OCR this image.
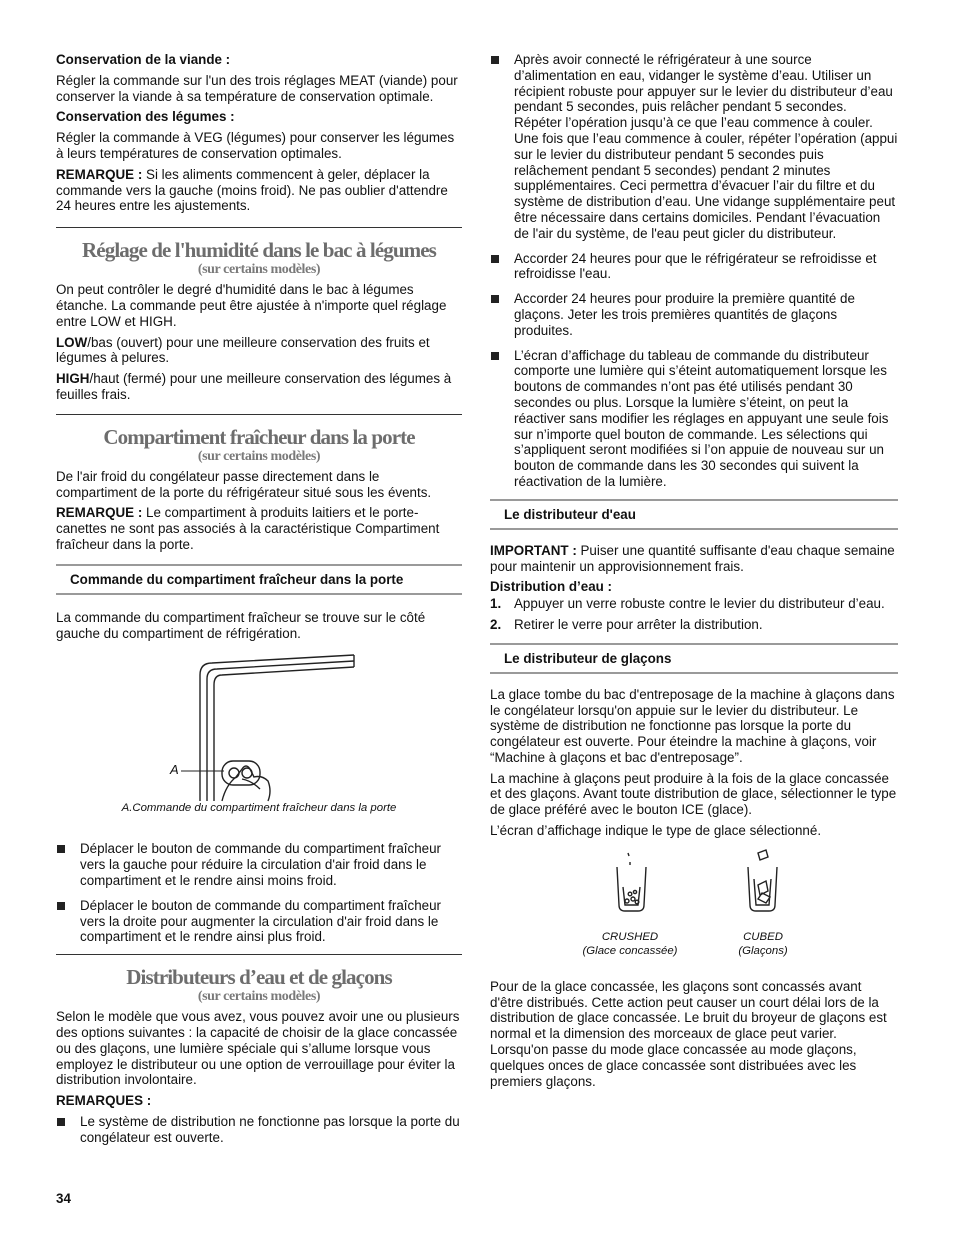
Conservation de la viande :

Régler la commande sur l'un des trois réglages MEAT (viande) pour conserver la viande à sa température de conservation optimale.

Conservation des légumes :

Régler la commande à VEG (légumes) pour conserver les légumes à leurs températures de conservation optimales.

REMARQUE : Si les aliments commencent à geler, déplacer la commande vers la gauche (moins froid). Ne pas oublier d'attendre 24 heures entre les ajustements.

Réglage de l'humidité dans le bac à légumes
(sur certains modèles)

On peut contrôler le degré d'humidité dans le bac à légumes étanche. La commande peut être ajustée à n'importe quel réglage entre LOW et HIGH.

LOW/bas (ouvert) pour une meilleure conservation des fruits et légumes à pelures.

HIGH/haut (fermé) pour une meilleure conservation des légumes à feuilles frais.

Compartiment fraîcheur dans la porte
(sur certains modèles)

De l'air froid du congélateur passe directement dans le compartiment de la porte du réfrigérateur situé sous les évents.

REMARQUE : Le compartiment à produits laitiers et le porte-canettes ne sont pas associés à la caractéristique Compartiment fraîcheur dans la porte.

Commande du compartiment fraîcheur dans la porte

La commande du compartiment fraîcheur se trouve sur le côté gauche du compartiment de réfrigération.

A
A.Commande du compartiment fraîcheur dans la porte
Déplacer le bouton de commande du compartiment fraîcheur vers la gauche pour réduire la circulation d'air froid dans le compartiment et le rendre ainsi moins froid.
Déplacer le bouton de commande du compartiment fraîcheur vers la droite pour augmenter la circulation d'air froid dans le compartiment et le rendre ainsi plus froid.
Distributeurs d’eau et de glaçons
(sur certains modèles)

Selon le modèle que vous avez, vous pouvez avoir une ou plusieurs des options suivantes : la capacité de choisir de la glace concassée ou des glaçons, une lumière spéciale qui s’allume lorsque vous employez le distributeur ou une option de verrouillage pour éviter la distribution involontaire.

REMARQUES :

Le système de distribution ne fonctionne pas lorsque la porte du congélateur est ouverte.
Après avoir connecté le réfrigérateur à une source d’alimentation en eau, vidanger le système d’eau. Utiliser un récipient robuste pour appuyer sur le levier du distributeur d’eau pendant 5 secondes, puis relâcher pendant 5 secondes. Répéter l’opération jusqu’à ce que l’eau commence à couler. Une fois que l’eau commence à couler, répéter l’opération (appui sur le levier du distributeur pendant 5 secondes puis relâchement pendant 5 secondes) pendant 2 minutes supplémentaires. Ceci permettra d’évacuer l’air du filtre et du système de distribution d’eau. Une vidange supplémentaire peut être nécessaire dans certains domiciles. Pendant l’évacuation de l'air du système, de l'eau peut gicler du distributeur.
Accorder 24 heures pour que le réfrigérateur se refroidisse et refroidisse l'eau.
Accorder 24 heures pour produire la première quantité de glaçons. Jeter les trois premières quantités de glaçons produites.
L’écran d’affichage du tableau de commande du distributeur comporte une lumière qui s’éteint automatiquement lorsque les boutons de commandes n’ont pas été utilisés pendant 30 secondes ou plus. Lorsque la lumière s’éteint, on peut la réactiver sans modifier les réglages en appuyant une seule fois sur n’importe quel bouton de commande. Les sélections qui s’appliquent seront modifiées si l’on appuie de nouveau sur un bouton de commande dans les 30 secondes qui suivent la réactivation de la lumière.
Le distributeur d'eau

IMPORTANT : Puiser une quantité suffisante d'eau chaque semaine pour maintenir un approvisionnement frais.

Distribution d’eau :

1. Appuyer un verre robuste contre le levier du distributeur d’eau.
2. Retirer le verre pour arrêter la distribution.
Le distributeur de glaçons

La glace tombe du bac d'entreposage de la machine à glaçons dans le congélateur lorsqu'on appuie sur le levier du distributeur. Le système de distribution ne fonctionne pas lorsque la porte du congélateur est ouverte. Pour éteindre la machine à glaçons, voir “Machine à glaçons et bac d'entreposage”.

La machine à glaçons peut produire à la fois de la glace concassée et des glaçons. Avant toute distribution de glace, sélectionner le type de glace préféré avec le bouton ICE (glace).

L’écran d’affichage indique le type de glace sélectionné.

CRUSHED
(Glace concassée)
CUBED
(Glaçons)

Pour de la glace concassée, les glaçons sont concassés avant d'être distribués. Cette action peut causer un court délai lors de la distribution de glace concassée. Le bruit du broyeur de glaçons est normal et la dimension des morceaux de glace peut varier. Lorsqu'on passe du mode glace concassée au mode glaçons, quelques onces de glace concassée sont distribuées avec les premiers glaçons.

34
